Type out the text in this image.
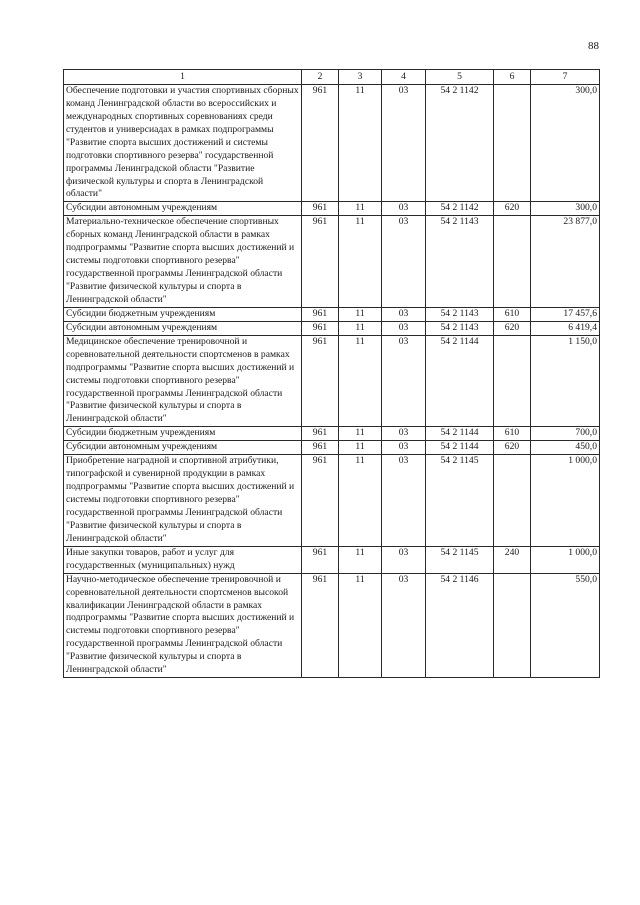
88
1	2	3	4	5	6	7
Обеспечение подготовки и участия спортивных сборных команд Ленинградской области во всероссийских и международных спортивных соревнованиях среди студентов и универсиадах в рамках подпрограммы "Развитие спорта высших достижений и системы подготовки спортивного резерва" государственной программы Ленинградской области "Развитие физической культуры и спорта в Ленинградской области"	961	11	03	54 2 1142		300,0
Субсидии автономным учреждениям	961	11	03	54 2 1142	620	300,0
Материально-техническое обеспечение спортивных сборных команд Ленинградской области в рамках подпрограммы "Развитие спорта высших достижений и системы подготовки спортивного резерва" государственной программы Ленинградской области "Развитие физической культуры и спорта в Ленинградской области"	961	11	03	54 2 1143		23 877,0
Субсидии бюджетным учреждениям	961	11	03	54 2 1143	610	17 457,6
Субсидии автономным учреждениям	961	11	03	54 2 1143	620	6 419,4
Медицинское обеспечение тренировочной и соревновательной деятельности спортсменов в рамках подпрограммы "Развитие спорта высших достижений и системы подготовки спортивного резерва" государственной программы Ленинградской области "Развитие физической культуры и спорта в Ленинградской области"	961	11	03	54 2 1144		1 150,0
Субсидии бюджетным учреждениям	961	11	03	54 2 1144	610	700,0
Субсидии автономным учреждениям	961	11	03	54 2 1144	620	450,0
Приобретение наградной и спортивной атрибутики, типографской и сувенирной продукции в рамках подпрограммы "Развитие спорта высших достижений и системы подготовки спортивного резерва" государственной программы Ленинградской области "Развитие физической культуры и спорта в Ленинградской области"	961	11	03	54 2 1145		1 000,0
Иные закупки товаров, работ и услуг для государственных (муниципальных) нужд	961	11	03	54 2 1145	240	1 000,0
Научно-методическое обеспечение тренировочной и соревновательной деятельности спортсменов высокой квалификации Ленинградской области в рамках подпрограммы "Развитие спорта высших достижений и системы подготовки спортивного резерва" государственной программы Ленинградской области "Развитие физической культуры и спорта в Ленинградской области"	961	11	03	54 2 1146		550,0
